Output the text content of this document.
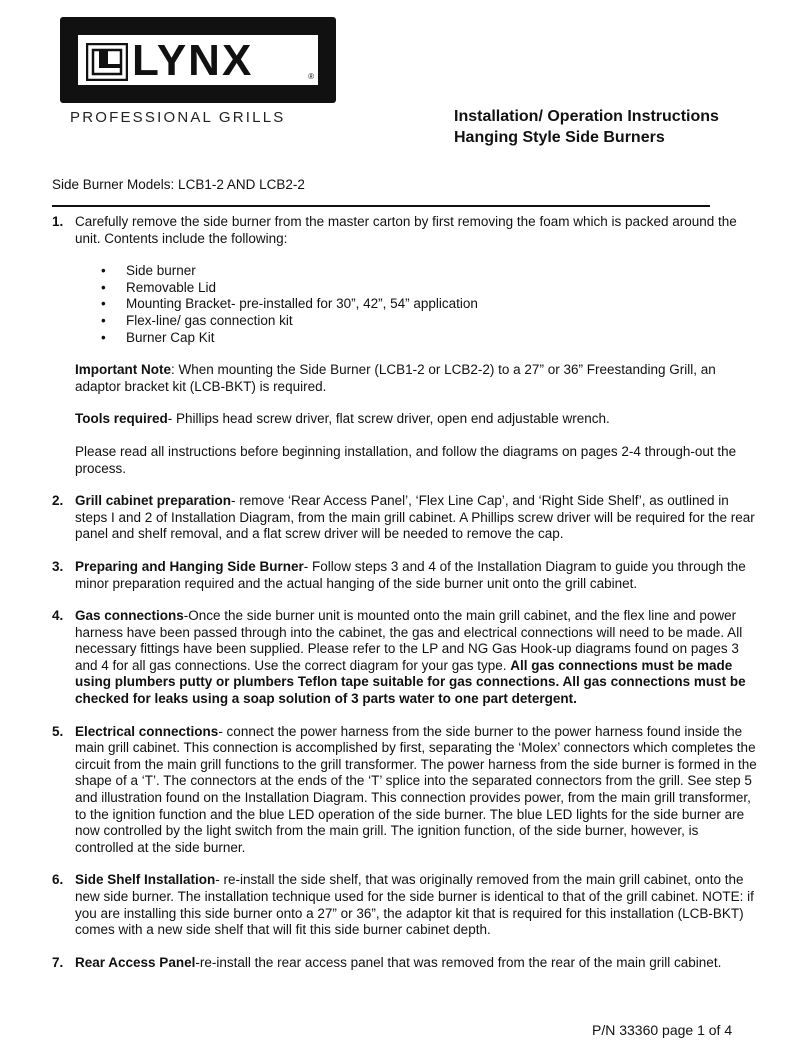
LYNX	®
PROFESSIONAL GRILLS	Installation/ Operation Instructions
Hanging Style Side Burners
Side Burner Models: LCB1-2 AND LCB2-2
1. Carefully remove the side burner from the master carton by first removing the foam which is packed around the unit. Contents include the following:

• Side burner
• Removable Lid
• Mounting Bracket- pre-installed for 30”, 42”, 54” application
• Flex-line/ gas connection kit
• Burner Cap Kit

Important Note: When mounting the Side Burner (LCB1-2 or LCB2-2) to a 27” or 36” Freestanding Grill, an adaptor bracket kit (LCB-BKT) is required.

Tools required- Phillips head screw driver, flat screw driver, open end adjustable wrench.

Please read all instructions before beginning installation, and follow the diagrams on pages 2-4 through-out the process.

2. Grill cabinet preparation- remove ‘Rear Access Panel’, ‘Flex Line Cap’, and ‘Right Side Shelf’, as outlined in steps I and 2 of Installation Diagram, from the main grill cabinet. A Phillips screw driver will be required for the rear panel and shelf removal, and a flat screw driver will be needed to remove the cap.
3. Preparing and Hanging Side Burner- Follow steps 3 and 4 of the Installation Diagram to guide you through the minor preparation required and the actual hanging of the side burner unit onto the grill cabinet.
4. Gas connections-Once the side burner unit is mounted onto the main grill cabinet, and the flex line and power harness have been passed through into the cabinet, the gas and electrical connections will need to be made. All necessary fittings have been supplied. Please refer to the LP and NG Gas Hook-up diagrams found on pages 3 and 4 for all gas connections. Use the correct diagram for your gas type. All gas connections must be made using plumbers putty or plumbers Teflon tape suitable for gas connections. All gas connections must be checked for leaks using a soap solution of 3 parts water to one part detergent.
5. Electrical connections- connect the power harness from the side burner to the power harness found inside the main grill cabinet. This connection is accomplished by first, separating the ‘Molex’ connectors which completes the circuit from the main grill functions to the grill transformer. The power harness from the side burner is formed in the shape of a ‘T’. The connectors at the ends of the ‘T’ splice into the separated connectors from the grill. See step 5 and illustration found on the Installation Diagram. This connection provides power, from the main grill transformer, to the ignition function and the blue LED operation of the side burner. The blue LED lights for the side burner are now controlled by the light switch from the main grill. The ignition function, of the side burner, however, is controlled at the side burner.
6. Side Shelf Installation- re-install the side shelf, that was originally removed from the main grill cabinet, onto the new side burner. The installation technique used for the side burner is identical to that of the grill cabinet. NOTE: if you are installing this side burner onto a 27” or 36”, the adaptor kit that is required for this installation (LCB-BKT) comes with a new side shelf that will fit this side burner cabinet depth.
7. Rear Access Panel-re-install the rear access panel that was removed from the rear of the main grill cabinet.
P/N 33360 page 1 of 4
